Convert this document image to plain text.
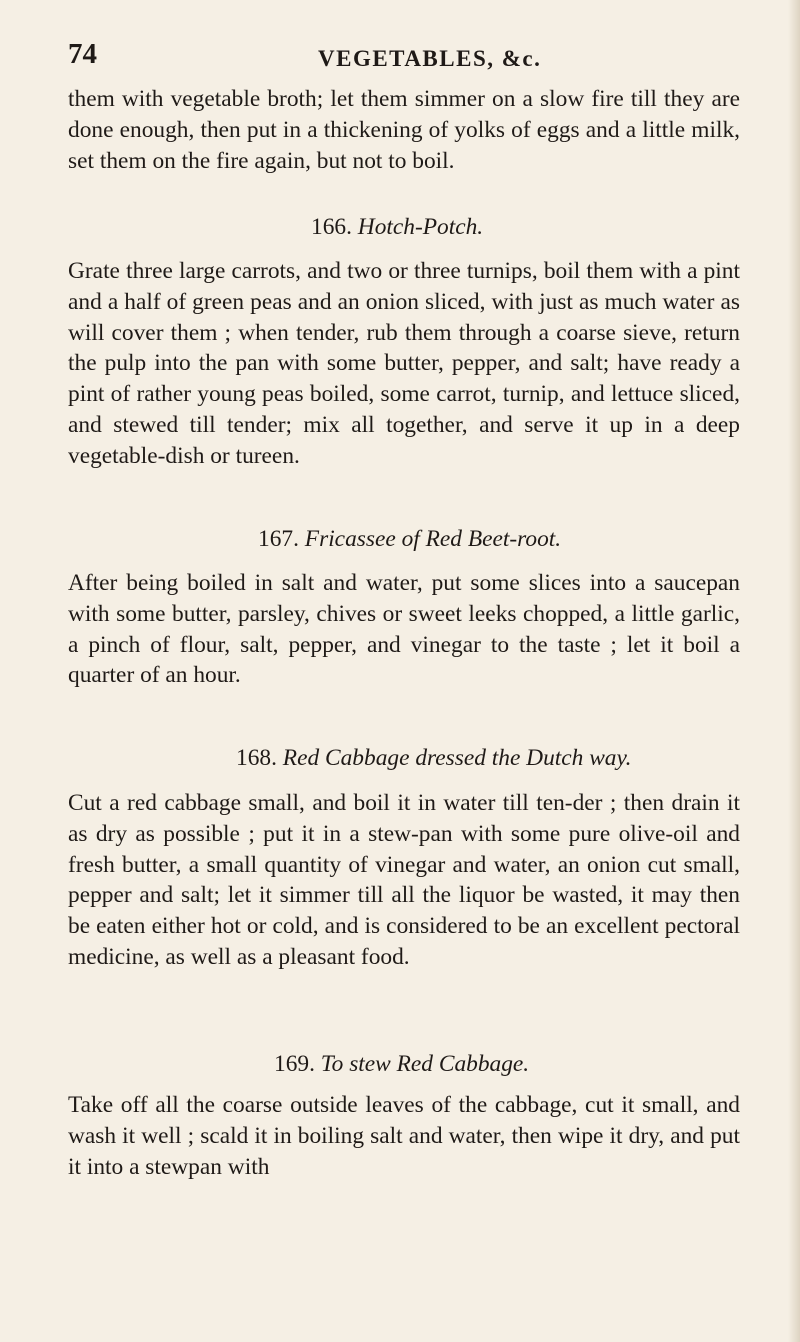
74	VEGETABLES, &c.

them with vegetable broth; let them simmer on a slow fire till they are done enough, then put in a thickening of yolks of eggs and a little milk, set them on the fire again, but not to boil.

166. Hotch-Potch.

Grate three large carrots, and two or three turnips, boil them with a pint and a half of green peas and an onion sliced, with just as much water as will cover them ; when tender, rub them through a coarse sieve, return the pulp into the pan with some butter, pepper, and salt; have ready a pint of rather young peas boiled, some carrot, turnip, and lettuce sliced, and stewed till tender; mix all together, and serve it up in a deep vegetable-dish or tureen.

167. Fricassee of Red Beet-root.

After being boiled in salt and water, put some slices into a saucepan with some butter, parsley, chives or sweet leeks chopped, a little garlic, a pinch of flour, salt, pepper, and vinegar to the taste ; let it boil a quarter of an hour.

168. Red Cabbage dressed the Dutch way.

Cut a red cabbage small, and boil it in water till ten-der ; then drain it as dry as possible ; put it in a stew-pan with some pure olive-oil and fresh butter, a small quantity of vinegar and water, an onion cut small, pepper and salt; let it simmer till all the liquor be wasted, it may then be eaten either hot or cold, and is considered to be an excellent pectoral medicine, as well as a pleasant food.

169. To stew Red Cabbage.

Take off all the coarse outside leaves of the cabbage, cut it small, and wash it well ; scald it in boiling salt and water, then wipe it dry, and put it into a stewpan with
